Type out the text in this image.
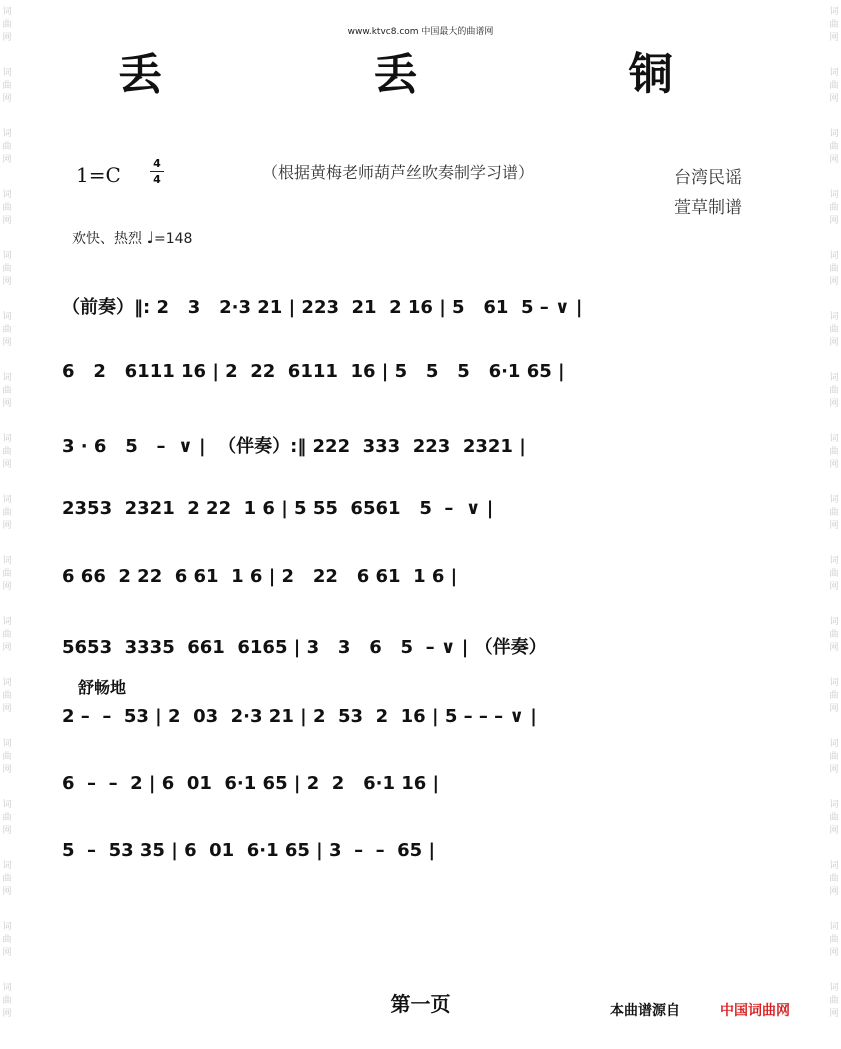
词
曲
网
词
曲
网
词
曲
网
词
曲
网
词
曲
网
词
曲
网
词
曲
网
词
曲
网
词
曲
网
词
曲
网
词
曲
网
词
曲
网
词
曲
网
词
曲
网
词
曲
网
词
曲
网
词
曲
网
词
曲
网
词
曲
网
词
曲
网
词
曲
网
词
曲
网
词
曲
网
词
曲
网
词
曲
网
词
曲
网
词
曲
网
词
曲
网
词
曲
网
词
曲
网
词
曲
网
词
曲
网
词
曲
网
词
曲
网
www.ktvc8.com 中国最大的曲谱网
丢 丢 铜
1=C	4
4	（根据黄梅老师葫芦丝吹奏制学习谱）	台湾民谣
萱草制谱
欢快、热烈 ♩=148
舒畅地
（前奏）‖: 2   3   2·3 21 | 223  21  2 16 | 5   61  5 – ∨ |
6   2   6111 16 | 2  22  6111  16 | 5   5   5   6·1 65 |
3 · 6   5   –  ∨ |  （伴奏）:‖ 222  333  223  2321 |
2353  2321  2 22  1 6 | 5 55  6561   5  –  ∨ |
6 66  2 22  6 61  1 6 | 2   22   6 61  1 6 |
5653  3335  661  6165 | 3   3   6   5  – ∨ | （伴奏）
2 –  –  53 | 2  03  2·3 21 | 2  53  2  16 | 5 – – – ∨ |
6  –  –  2 | 6  01  6·1 65 | 2  2   6·1 16 |
5  –  53 35 | 6  01  6·1 65 | 3  –  –  65 |
第一页	本曲谱源自	中国词曲网
